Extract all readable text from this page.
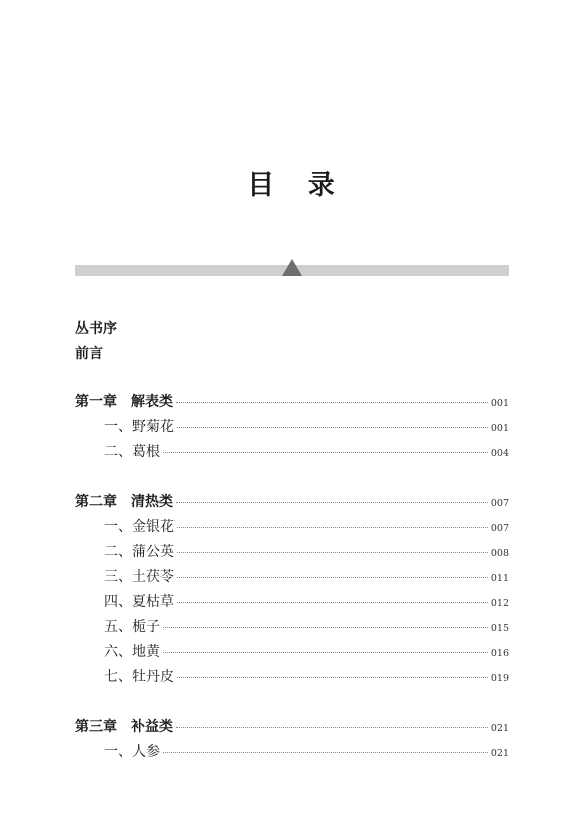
目 录
丛书序
前言
第一章　解表类	001
一、野菊花	001
二、葛根	004
第二章　清热类	007
一、金银花	007
二、蒲公英	008
三、土茯苓	011
四、夏枯草	012
五、栀子	015
六、地黄	016
七、牡丹皮	019
第三章　补益类	021
一、人参	021
